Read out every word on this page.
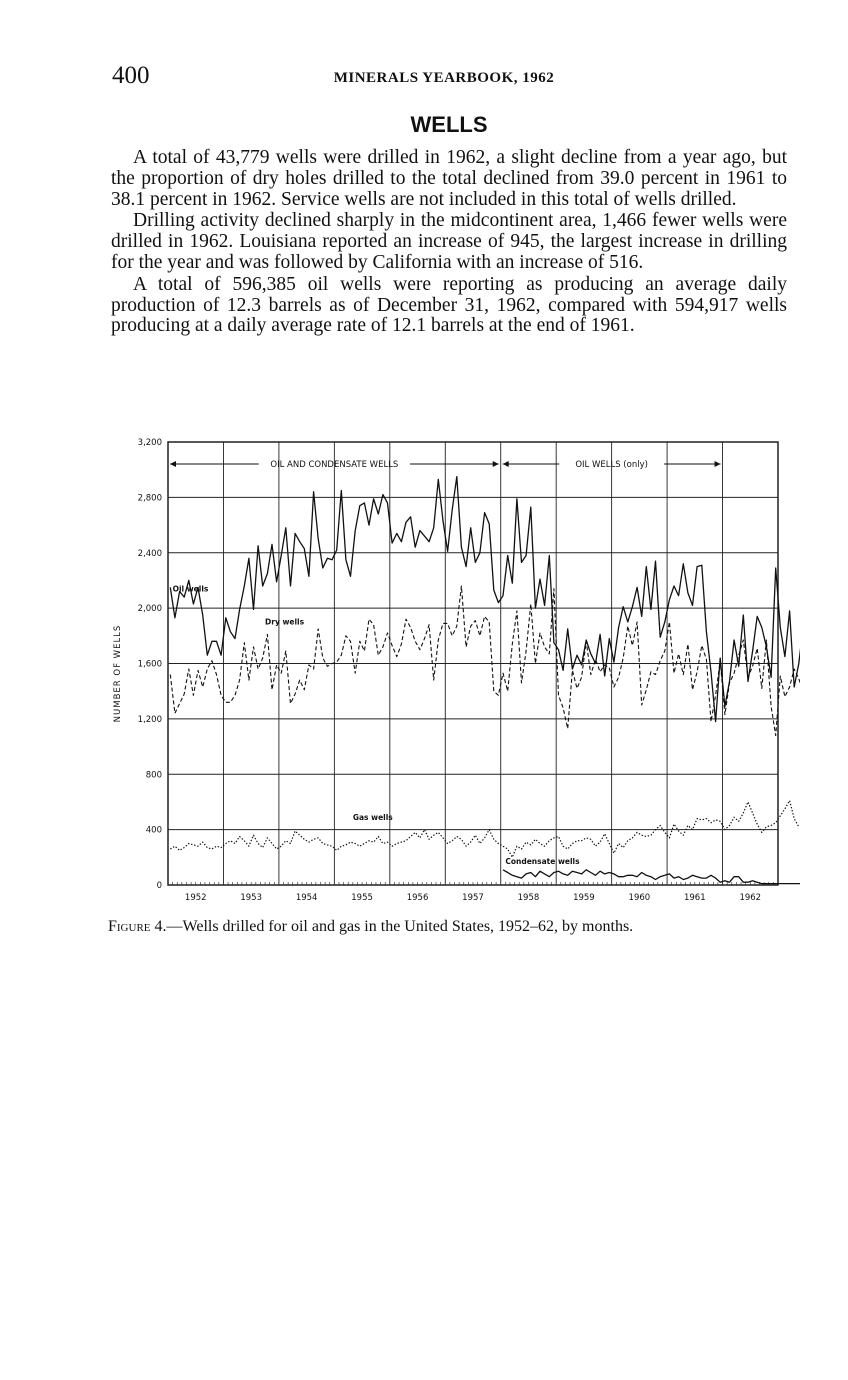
400	MINERALS YEARBOOK, 1962
WELLS

A total of 43,779 wells were drilled in 1962, a slight decline from a year ago, but the proportion of dry holes drilled to the total declined from 39.0 percent in 1961 to 38.1 percent in 1962. Service wells are not included in this total of wells drilled.

Drilling activity declined sharply in the midcontinent area, 1,466 fewer wells were drilled in 1962. Louisiana reported an increase of 945, the largest increase in drilling for the year and was followed by California with an increase of 516.

A total of 596,385 oil wells were reporting as producing an average daily production of 12.3 barrels as of December 31, 1962, compared with 594,917 wells producing at a daily average rate of 12.1 barrels at the end of 1961.

0
400
800
1,200
1,600
2,000
2,400
2,800
3,200
1952	1953	1954	1955	1956	1957	1958	1959	1960	1961	1962
NUMBER OF WELLS
OIL AND CONDENSATE WELLS	OIL WELLS (only)
Oil wells
Dry wells
Gas wells
Condensate wells
Figure 4.—Wells drilled for oil and gas in the United States, 1952–62, by months.
